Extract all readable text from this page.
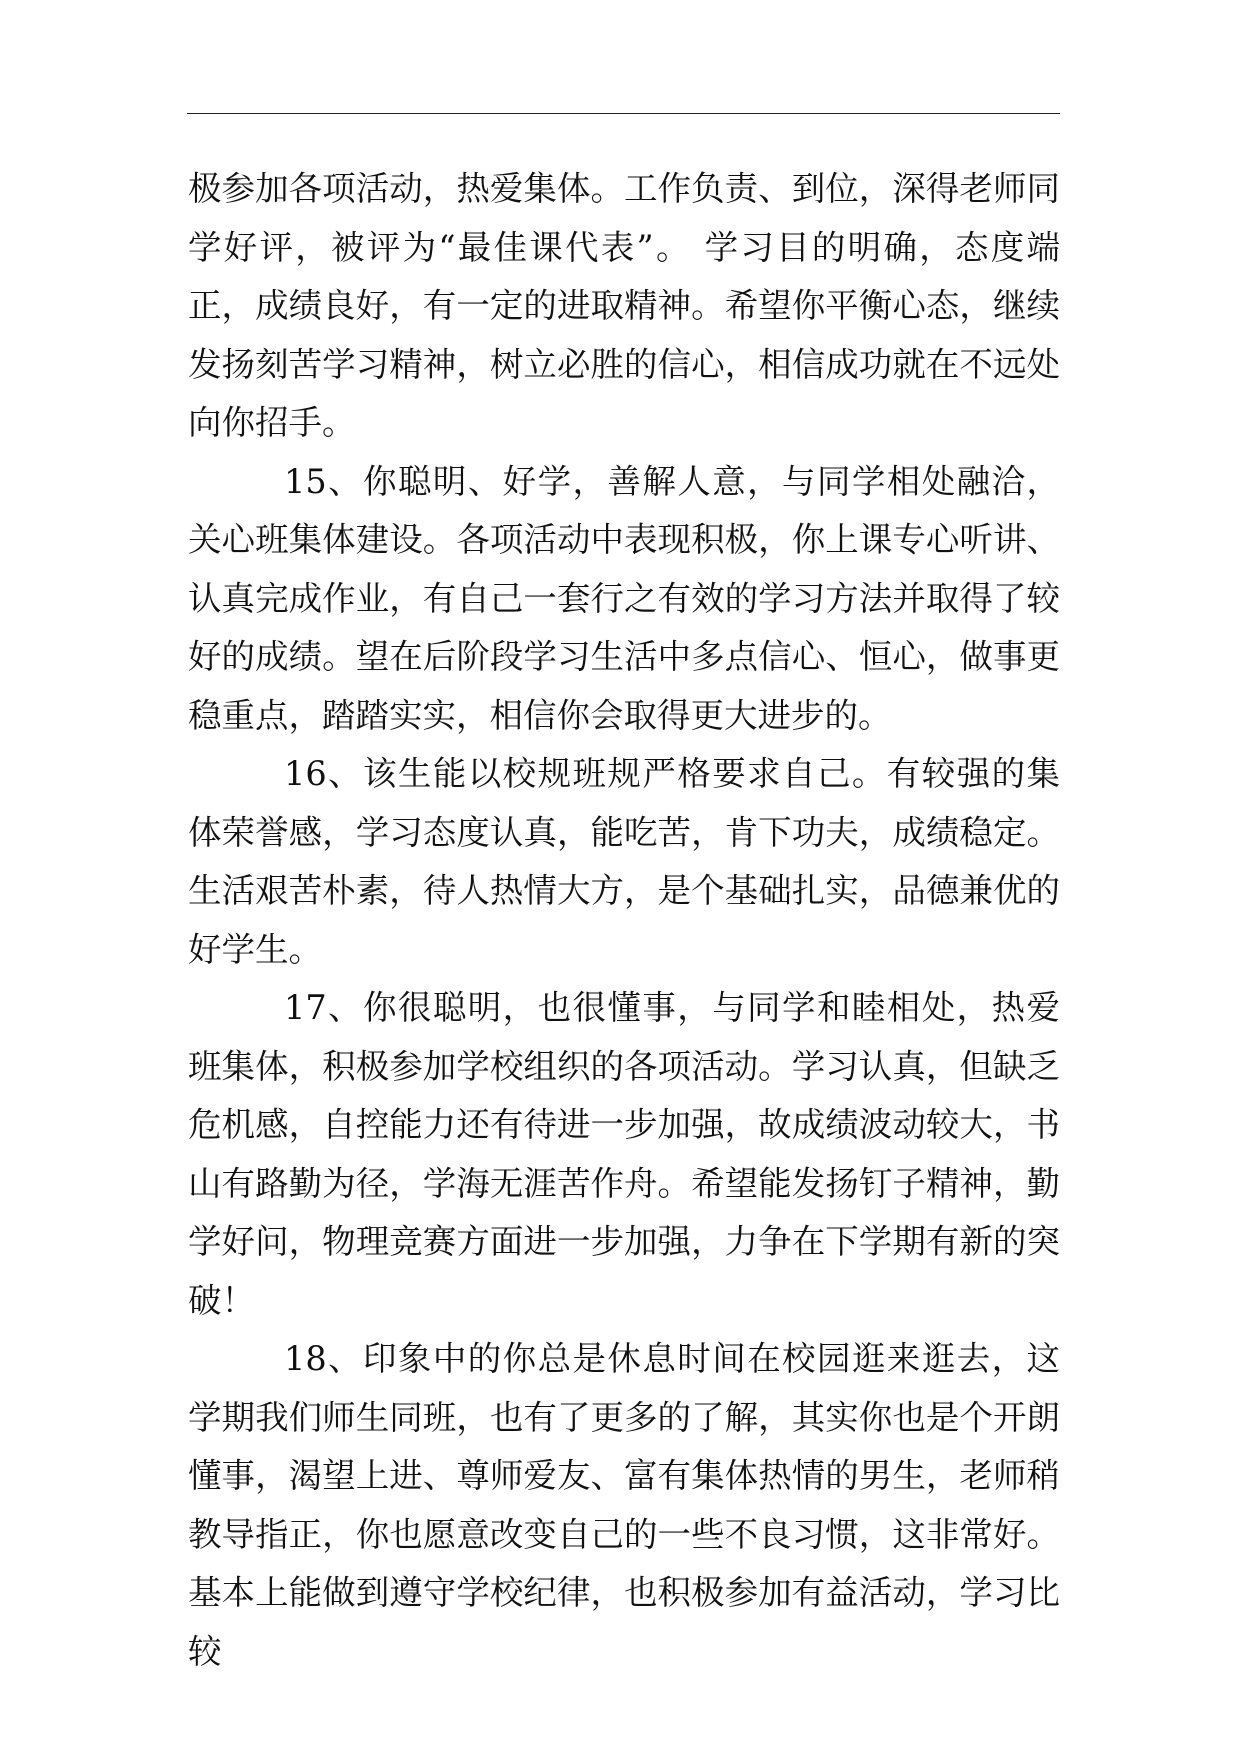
极参加各项活动，热爱集体。工作负责、到位，深得老师同学好评，被评为“最佳课代表”。 学习目的明确，态度端正，成绩良好，有一定的进取精神。希望你平衡心态，继续发扬刻苦学习精神，树立必胜的信心，相信成功就在不远处向你招手。

15、你聪明、好学，善解人意，与同学相处融洽，关心班集体建设。各项活动中表现积极，你上课专心听讲、认真完成作业，有自己一套行之有效的学习方法并取得了较好的成绩。望在后阶段学习生活中多点信心、恒心，做事更稳重点，踏踏实实，相信你会取得更大进步的。

16、该生能以校规班规严格要求自己。有较强的集体荣誉感，学习态度认真，能吃苦，肯下功夫，成绩稳定。生活艰苦朴素，待人热情大方，是个基础扎实，品德兼优的好学生。

17、你很聪明，也很懂事，与同学和睦相处，热爱班集体，积极参加学校组织的各项活动。学习认真，但缺乏危机感，自控能力还有待进一步加强，故成绩波动较大，书山有路勤为径，学海无涯苦作舟。希望能发扬钉子精神，勤学好问，物理竞赛方面进一步加强，力争在下学期有新的突破！

18、印象中的你总是休息时间在校园逛来逛去，这学期我们师生同班，也有了更多的了解，其实你也是个开朗懂事，渴望上进、尊师爱友、富有集体热情的男生，老师稍教导指正，你也愿意改变自己的一些不良习惯，这非常好。基本上能做到遵守学校纪律，也积极参加有益活动，学习比较
